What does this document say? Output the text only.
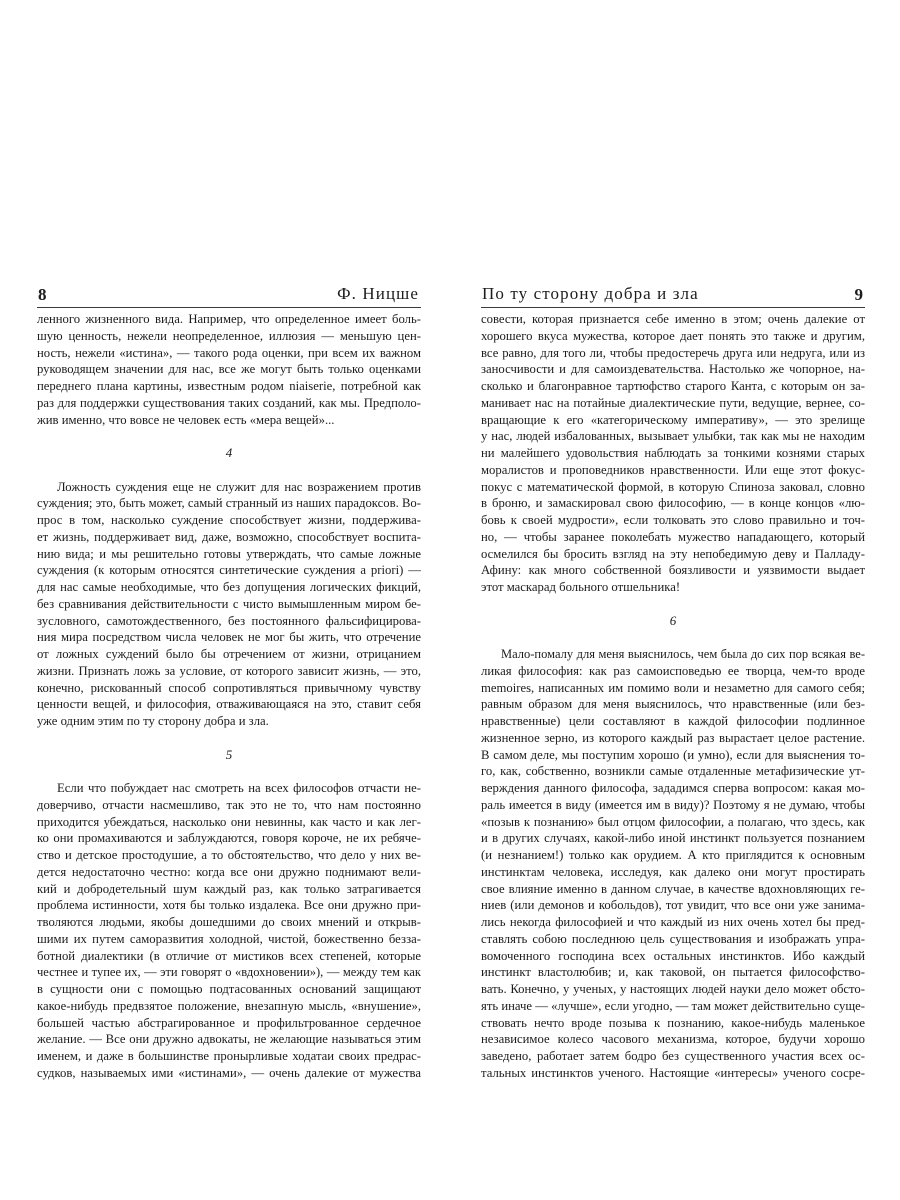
8	Ф. Ницше
ленного жизненного вида. Например, что определенное имеет боль-
шую ценность, нежели неопределенное, иллюзия — меньшую цен-
ность, нежели «истина», — такого рода оценки, при всем их важном
руководящем значении для нас, все же могут быть только оценками
переднего плана картины, известным родом niaiserie, потребной как
раз для поддержки существования таких созданий, как мы. Предполо-
жив именно, что вовсе не человек есть «мера вещей»...
4
Ложность суждения еще не служит для нас возражением против
суждения; это, быть может, самый странный из наших парадоксов. Во-
прос в том, насколько суждение способствует жизни, поддерживa-
ет жизнь, поддерживает вид, даже, возможно, способствует воспита-
нию вида; и мы решительно готовы утверждать, что самые ложные
суждения (к которым относятся синтетические суждения a priori) —
для нас самые необходимые, что без допущения логических фикций,
без сравнивания действительности с чисто вымышленным миром бе-
зусловного, самотождественного, без постоянного фальсифицирова-
ния мира посредством числа человек не мог бы жить, что отречение
от ложных суждений было бы отречением от жизни, отрицанием
жизни. Признать ложь за условие, от которого зависит жизнь, — это,
конечно, рискованный способ сопротивляться привычному чувству
ценности вещей, и философия, отваживающаяся на это, ставит себя
уже одним этим по ту сторону добра и зла.
5
Если что побуждает нас смотреть на всех философов отчасти не-
доверчиво, отчасти насмешливо, так это не то, что нам постоянно
приходится убеждаться, насколько они невинны, как часто и как лег-
ко они промахиваются и заблуждаются, говоря короче, не их ребяче-
ство и детское простодушие, а то обстоятельство, что дело у них ве-
дется недостаточно честно: когда все они дружно поднимают вели-
кий и добродетельный шум каждый раз, как только затрагивается
проблема истинности, хотя бы только издалека. Все они дружно при-
тволяются людьми, якобы дошедшими до своих мнений и открыв-
шими их путем саморазвития холодной, чистой, божественно безза-
ботной диалектики (в отличие от мистиков всех степеней, которые
честнее и тупее их, — эти говорят о «вдохновении»), — между тем как
в сущности они с помощью подтасованных оснований защищают
какое-нибудь предвзятое положение, внезапную мысль, «внушение»,
большей частью абстрагированное и профильтрованное сердечное
желание. — Все они дружно адвокаты, не желающие называться этим
именем, и даже в большинстве пронырливые ходатаи своих предрас-
судков, называемых ими «истинами», — очень далекие от мужества
По ту сторону добра и зла	9
совести, которая признается себе именно в этом; очень далекие от
хорошего вкуса мужества, которое дает понять это также и другим,
все равно, для того ли, чтобы предостеречь друга или недруга, или из
заносчивости и для самоиздевательства. Настолько же чопорное, на-
сколько и благонравное тартюфство старого Канта, с которым он за-
манивает нас на потайные диалектические пути, ведущие, вернее, со-
вращающие к его «категорическому императиву», — это зрелище
у нас, людей избалованных, вызывает улыбки, так как мы не находим
ни малейшего удовольствия наблюдать за тонкими кознями старых
моралистов и проповедников нравственности. Или еще этот фокус-
покус с математической формой, в которую Спиноза заковал, словно
в броню, и замаскировал свою философию, — в конце концов «лю-
бовь к своей мудрости», если толковать это слово правильно и точ-
но, — чтобы заранее поколебать мужество нападающего, который
осмелился бы бросить взгляд на эту непобедимую деву и Палладу-
Афину: как много собственной боязливости и уязвимости выдает
этот маскарад больного отшельника!
6
Мало-помалу для меня выяснилось, чем была до сих пор всякая ве-
ликая философия: как раз самоисповедью ее творца, чем-то вроде
memoires, написанных им помимо воли и незаметно для самого себя;
равным образом для меня выяснилось, что нравственные (или без-
нравственные) цели составляют в каждой философии подлинное
жизненное зерно, из которого каждый раз вырастает целое растение.
В самом деле, мы поступим хорошо (и умно), если для выяснения то-
го, как, собственно, возникли самые отдаленные метафизические ут-
верждения данного философа, зададимся сперва вопросом: какая мо-
раль имеется в виду (имеется им в виду)? Поэтому я не думаю, чтобы
«позыв к познанию» был отцом философии, а полагаю, что здесь, как
и в других случаях, какой-либо иной инстинкт пользуется познанием
(и незнанием!) только как орудием. А кто приглядится к основным
инстинктам человека, исследуя, как далеко они могут простирать
свое влияние именно в данном случае, в качестве вдохновляющих ге-
ниев (или демонов и кобольдов), тот увидит, что все они уже занима-
лись некогда философией и что каждый из них очень хотел бы пред-
ставлять собою последнюю цель существования и изображать упра-
вомоченного господина всех остальных инстинктов. Ибо каждый
инстинкт властолюбив; и, как таковой, он пытается философство-
вать. Конечно, у ученых, у настоящих людей науки дело может обсто-
ять иначе — «лучше», если угодно, — там может действительно суще-
ствовать нечто вроде позыва к познанию, какое-нибудь маленькое
независимое колесо часового механизма, которое, будучи хорошо
заведено, работает затем бодро без существенного участия всех ос-
тальных инстинктов ученого. Настоящие «интересы» ученого сосре-
